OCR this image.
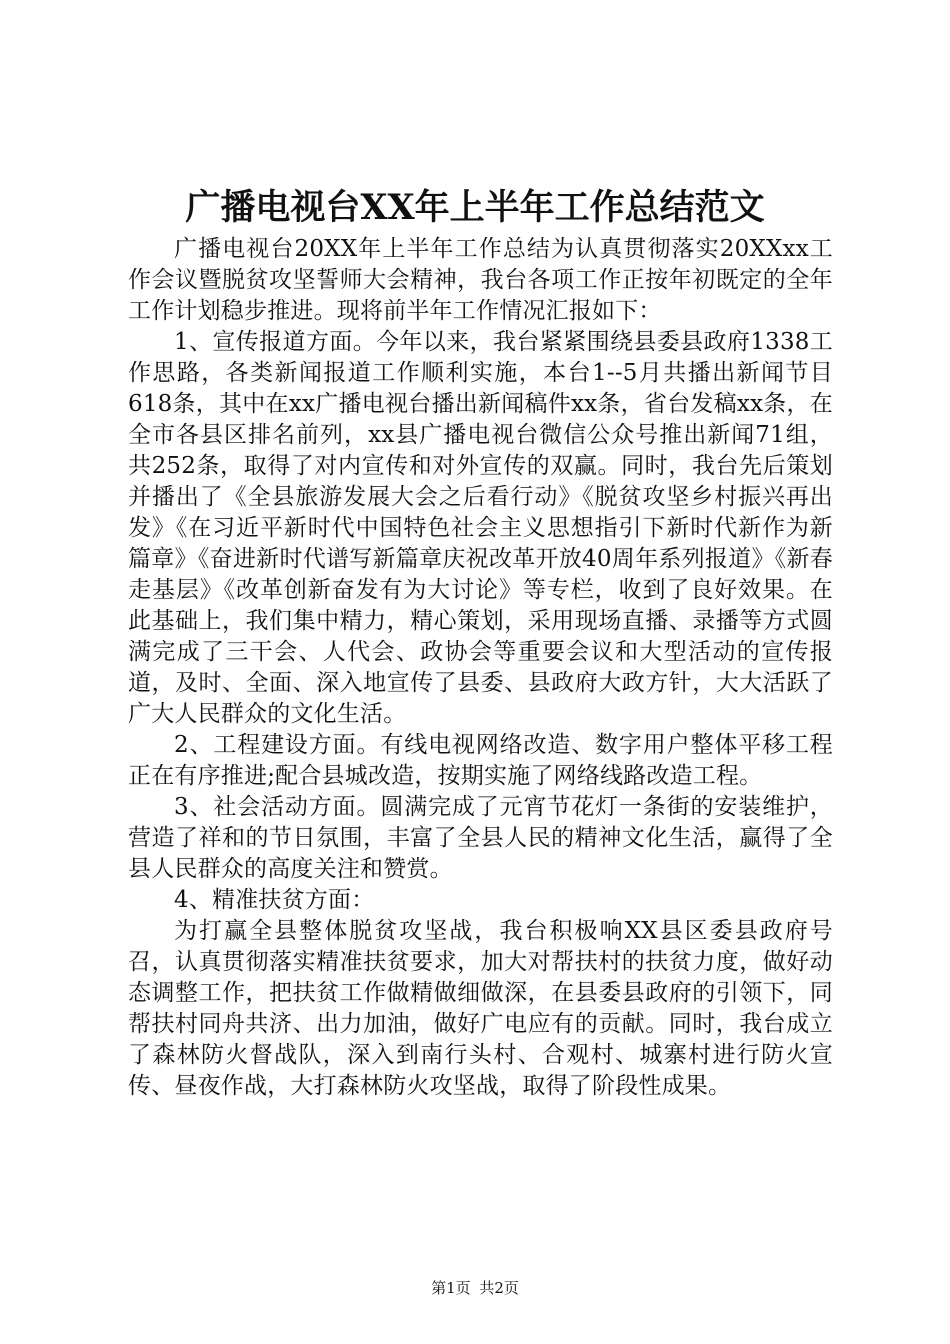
广播电视台XX年上半年工作总结范文

广播电视台20XX年上半年工作总结为认真贯彻落实20XXxx工作会议暨脱贫攻坚誓师大会精神，我台各项工作正按年初既定的全年工作计划稳步推进。现将前半年工作情况汇报如下：

1、宣传报道方面。今年以来，我台紧紧围绕县委县政府1338工作思路，各类新闻报道工作顺利实施，本台1--5月共播出新闻节目618条，其中在xx广播电视台播出新闻稿件xx条，省台发稿xx条，在全市各县区排名前列，xx县广播电视台微信公众号推出新闻71组，共252条，取得了对内宣传和对外宣传的双赢。同时，我台先后策划并播出了《全县旅游发展大会之后看行动》《脱贫攻坚乡村振兴再出发》《在习近平新时代中国特色社会主义思想指引下新时代新作为新篇章》《奋进新时代谱写新篇章庆祝改革开放40周年系列报道》《新春走基层》《改革创新奋发有为大讨论》等专栏，收到了良好效果。在此基础上，我们集中精力，精心策划，采用现场直播、录播等方式圆满完成了三干会、人代会、政协会等重要会议和大型活动的宣传报道，及时、全面、深入地宣传了县委、县政府大政方针，大大活跃了广大人民群众的文化生活。

2、工程建设方面。有线电视网络改造、数字用户整体平移工程正在有序推进;配合县城改造，按期实施了网络线路改造工程。

3、社会活动方面。圆满完成了元宵节花灯一条街的安装维护，营造了祥和的节日氛围，丰富了全县人民的精神文化生活，赢得了全县人民群众的高度关注和赞赏。

4、精准扶贫方面：

为打赢全县整体脱贫攻坚战，我台积极响XX县区委县政府号召，认真贯彻落实精准扶贫要求，加大对帮扶村的扶贫力度，做好动态调整工作，把扶贫工作做精做细做深，在县委县政府的引领下，同帮扶村同舟共济、出力加油，做好广电应有的贡献。同时，我台成立了森林防火督战队，深入到南行头村、合观村、城寨村进行防火宣传、昼夜作战，大打森林防火攻坚战，取得了阶段性成果。

第1页 共2页
